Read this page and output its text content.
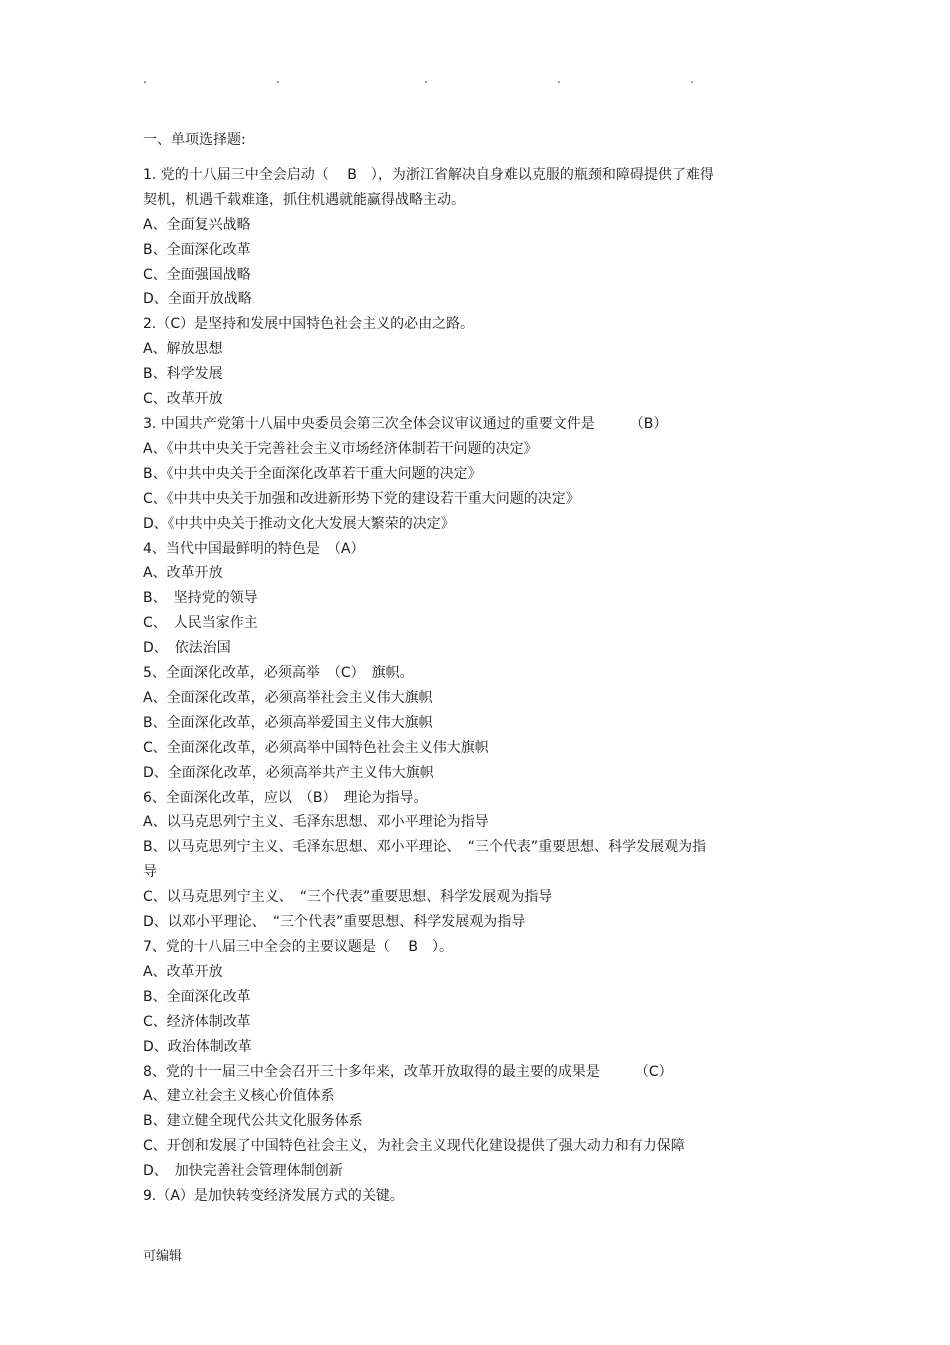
.	.	.	.	.
一、单项选择题:
1. 党的十八届三中全会启动（　 B　），为浙江省解决自身难以克服的瓶颈和障碍提供了难得
契机，机遇千载难逢，抓住机遇就能赢得战略主动。
A、全面复兴战略
B、全面深化改革
C、全面强国战略
D、全面开放战略
2.（C）是坚持和发展中国特色社会主义的必由之路。
A、解放思想
B、科学发展
C、改革开放
3. 中国共产党第十八届中央委员会第三次全体会议审议通过的重要文件是　　　（B）
A、《中共中央关于完善社会主义市场经济体制若干问题的决定》
B、《中共中央关于全面深化改革若干重大问题的决定》
C、《中共中央关于加强和改进新形势下党的建设若干重大问题的决定》
D、《中共中央关于推动文化大发展大繁荣的决定》
4、当代中国最鲜明的特色是　（A）
A、改革开放
B、　坚持党的领导
C、　人民当家作主
D、　依法治国
5、全面深化改革，必须高举　（C）　旗帜。
A、全面深化改革，必须高举社会主义伟大旗帜
B、全面深化改革，必须高举爱国主义伟大旗帜
C、全面深化改革，必须高举中国特色社会主义伟大旗帜
D、全面深化改革，必须高举共产主义伟大旗帜
6、全面深化改革，应以　（B）　理论为指导。
A、以马克思列宁主义、毛泽东思想、邓小平理论为指导
B、以马克思列宁主义、毛泽东思想、邓小平理论、　“三个代表”重要思想、科学发展观为指
导
C、以马克思列宁主义、　“三个代表”重要思想、科学发展观为指导
D、以邓小平理论、　“三个代表”重要思想、科学发展观为指导
7、党的十八届三中全会的主要议题是（　 B　）。
A、改革开放
B、全面深化改革
C、经济体制改革
D、政治体制改革
8、党的十一届三中全会召开三十多年来，改革开放取得的最主要的成果是　　　（C）
A、建立社会主义核心价值体系
B、建立健全现代公共文化服务体系
C、开创和发展了中国特色社会主义，为社会主义现代化建设提供了强大动力和有力保障
D、　加快完善社会管理体制创新
9.（A）是加快转变经济发展方式的关键。
可编辑
